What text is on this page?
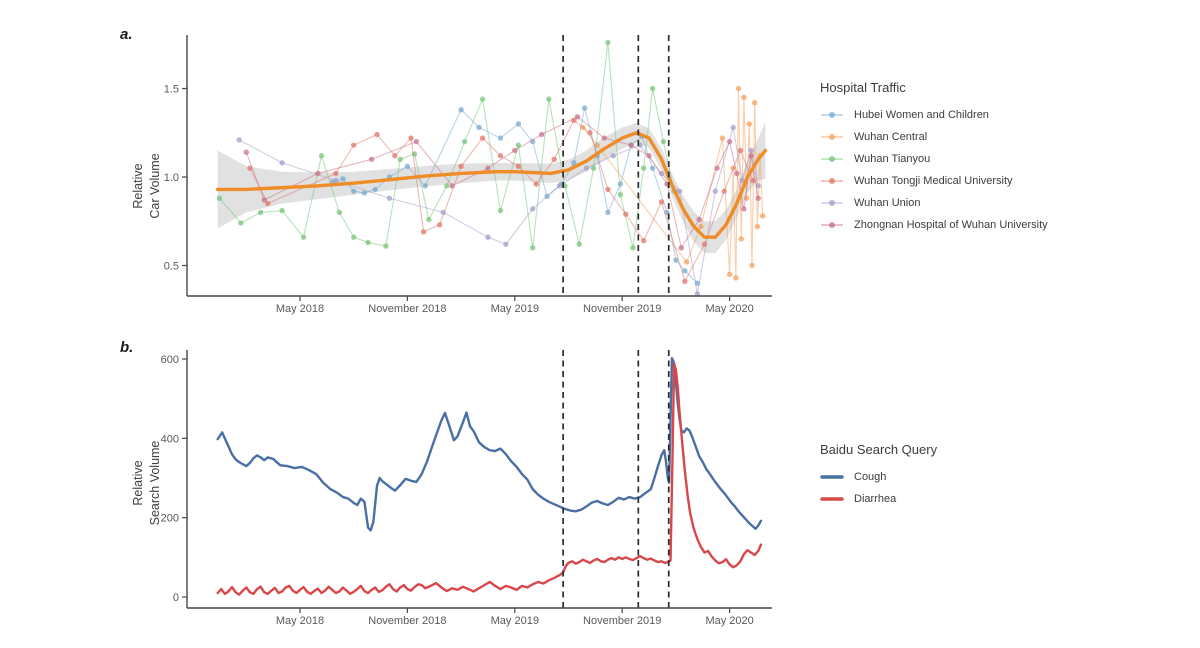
May 2018	November 2018	May 2019	November 2019	May 2020
0.5
1.0
1.5
May 2018	November 2018	May 2019	November 2019	May 2020
0
200
400
600
a.
b.
Relative Car Volume
Relative Search Volume
Hospital Traffic
Hubei Women and Children
Wuhan Central
Wuhan Tianyou
Wuhan Tongji Medical University
Wuhan Union
Zhongnan Hospital of Wuhan University
Baidu Search Query
Cough
Diarrhea
